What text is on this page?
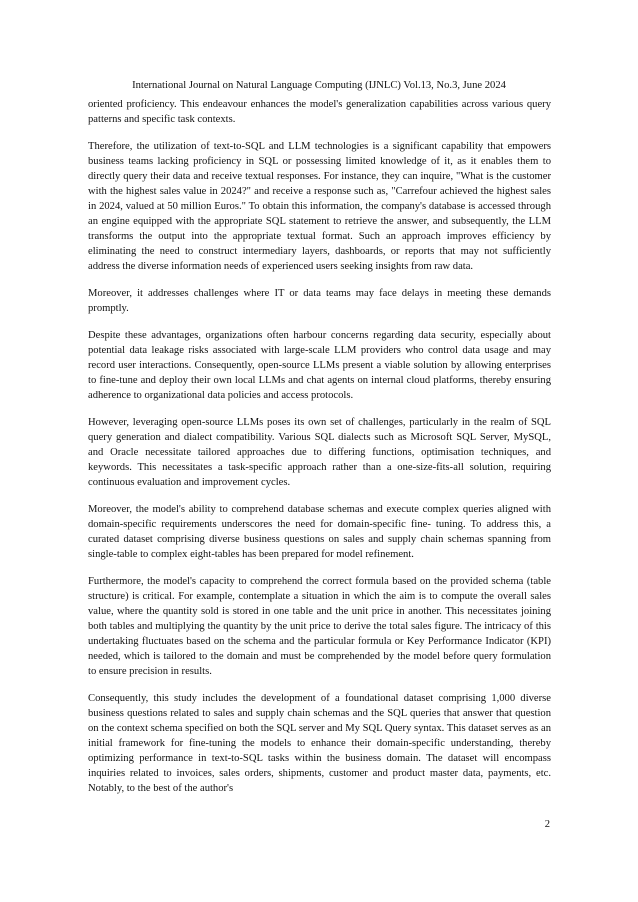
International Journal on Natural Language Computing (IJNLC) Vol.13, No.3, June 2024

oriented proficiency. This endeavour enhances the model's generalization capabilities across various query patterns and specific task contexts.

Therefore, the utilization of text-to-SQL and LLM technologies is a significant capability that empowers business teams lacking proficiency in SQL or possessing limited knowledge of it, as it enables them to directly query their data and receive textual responses. For instance, they can inquire, "What is the customer with the highest sales value in 2024?" and receive a response such as, "Carrefour achieved the highest sales in 2024, valued at 50 million Euros." To obtain this information, the company's database is accessed through an engine equipped with the appropriate SQL statement to retrieve the answer, and subsequently, the LLM transforms the output into the appropriate textual format. Such an approach improves efficiency by eliminating the need to construct intermediary layers, dashboards, or reports that may not sufficiently address the diverse information needs of experienced users seeking insights from raw data.

Moreover, it addresses challenges where IT or data teams may face delays in meeting these demands promptly.

Despite these advantages, organizations often harbour concerns regarding data security, especially about potential data leakage risks associated with large-scale LLM providers who control data usage and may record user interactions. Consequently, open-source LLMs present a viable solution by allowing enterprises to fine-tune and deploy their own local LLMs and chat agents on internal cloud platforms, thereby ensuring adherence to organizational data policies and access protocols.

However, leveraging open-source LLMs poses its own set of challenges, particularly in the realm of SQL query generation and dialect compatibility. Various SQL dialects such as Microsoft SQL Server, MySQL, and Oracle necessitate tailored approaches due to differing functions, optimisation techniques, and keywords. This necessitates a task-specific approach rather than a one-size-fits-all solution, requiring continuous evaluation and improvement cycles.

Moreover, the model's ability to comprehend database schemas and execute complex queries aligned with domain-specific requirements underscores the need for domain-specific fine- tuning. To address this, a curated dataset comprising diverse business questions on sales and supply chain schemas spanning from single-table to complex eight-tables has been prepared for model refinement.

Furthermore, the model's capacity to comprehend the correct formula based on the provided schema (table structure) is critical. For example, contemplate a situation in which the aim is to compute the overall sales value, where the quantity sold is stored in one table and the unit price in another. This necessitates joining both tables and multiplying the quantity by the unit price to derive the total sales figure. The intricacy of this undertaking fluctuates based on the schema and the particular formula or Key Performance Indicator (KPI) needed, which is tailored to the domain and must be comprehended by the model before query formulation to ensure precision in results.

Consequently, this study includes the development of a foundational dataset comprising 1,000 diverse business questions related to sales and supply chain schemas and the SQL queries that answer that question on the context schema specified on both the SQL server and My SQL Query syntax. This dataset serves as an initial framework for fine-tuning the models to enhance their domain-specific understanding, thereby optimizing performance in text-to-SQL tasks within the business domain. The dataset will encompass inquiries related to invoices, sales orders, shipments, customer and product master data, payments, etc. Notably, to the best of the author's

2
